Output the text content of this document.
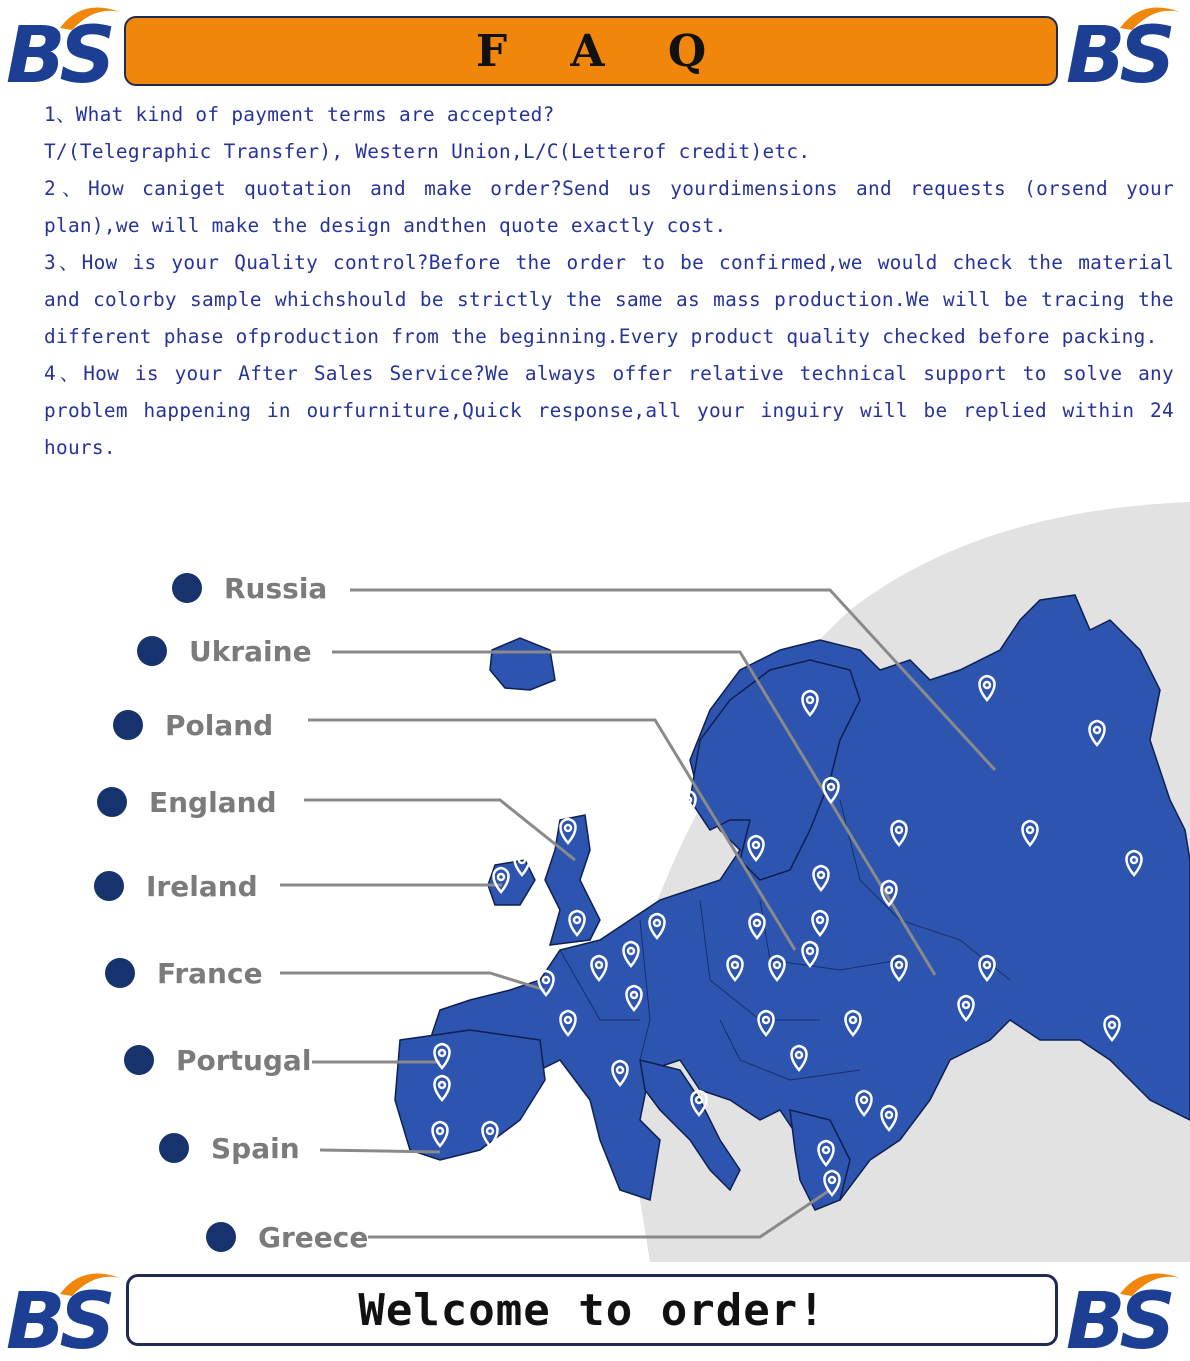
BS	BS
F A Q

1、What kind of payment terms are accepted?

T/(Telegraphic Transfer), Western Union,L/C(Letterof credit)etc.

2、How caniget quotation and make order?Send us yourdimensions and requests (orsend your plan),we will make the design andthen quote exactly cost.

3、How is your Quality control?Before the order to be confirmed,we would check the material and colorby sample whichshould be strictly the same as mass production.We will be tracing the different phase ofproduction from the beginning.Every product quality checked before packing.

4、How is your After Sales Service?We always offer relative technical support to solve any problem happening in ourfurniture,Quick response,all your inguiry will be replied within 24 hours.

Russia
Ukraine
Poland
England
Ireland
France
Portugal
Spain
Greece
BS	BS
Welcome to order!
